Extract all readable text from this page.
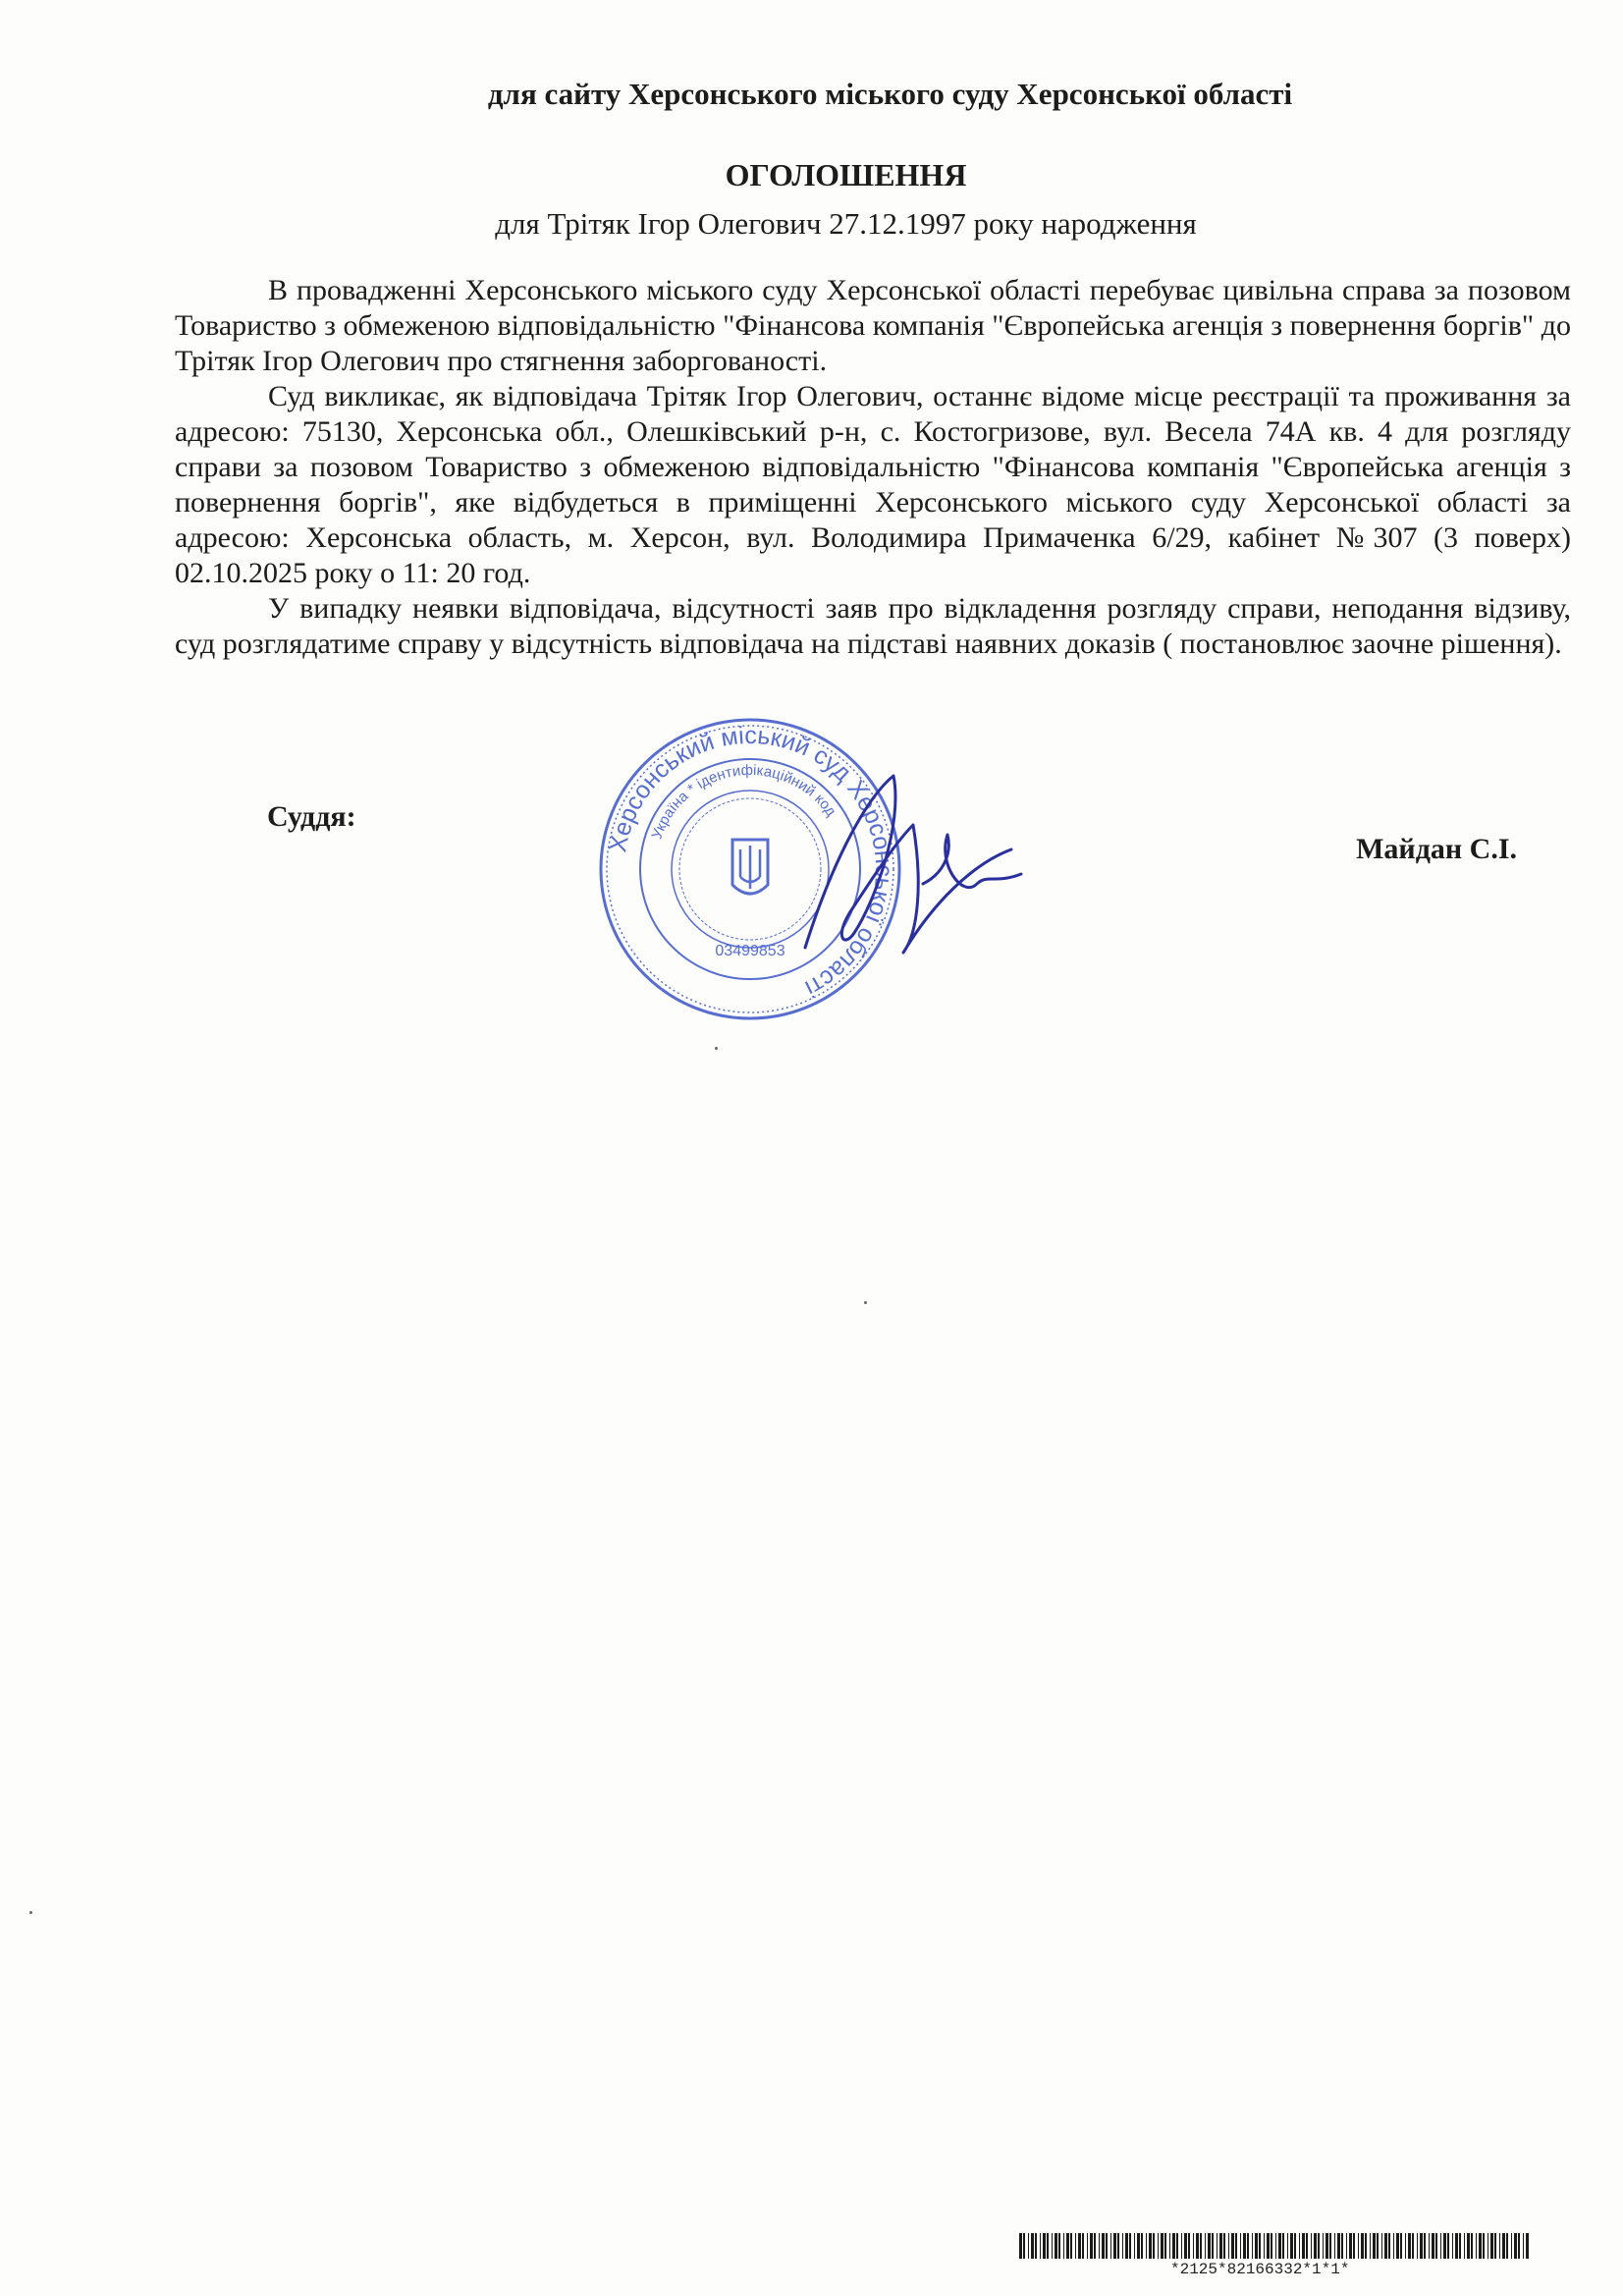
для сайту Херсонського міського суду Херсонської області
ОГОЛОШЕННЯ
для Трітяк Ігор Олегович 27.12.1997 року народження

В провадженні Херсонського міського суду Херсонської області перебуває цивільна справа за позовом Товариство з обмеженою відповідальністю "Фінансова компанія "Європейська агенція з повернення боргів" до Трітяк Ігор Олегович про стягнення заборгованості.

Суд викликає, як відповідача Трітяк Ігор Олегович, останнє відоме місце реєстрації та проживання за адресою: 75130, Херсонська обл., Олешківський р-н, с. Костогризове, вул. Весела 74А кв. 4 для розгляду справи за позовом Товариство з обмеженою відповідальністю "Фінансова компанія "Європейська агенція з повернення боргів", яке відбудеться в приміщенні Херсонського міського суду Херсонської області за адресою: Херсонська область, м. Херсон, вул. Володимира Примаченка 6/29, кабінет №307 (3 поверх) 02.10.2025 року о 11: 20 год.

У випадку неявки відповідача, відсутності заяв про відкладення розгляду справи, неподання відзиву, суд розглядатиме справу у відсутність відповідача на підставі наявних доказів ( постановлює заочне рішення).

Суддя:
Майдан С.І.
Херсонський міський суд Херсонської області
Україна * ідентифікаційний код
03499853
*2125*82166332*1*1*
